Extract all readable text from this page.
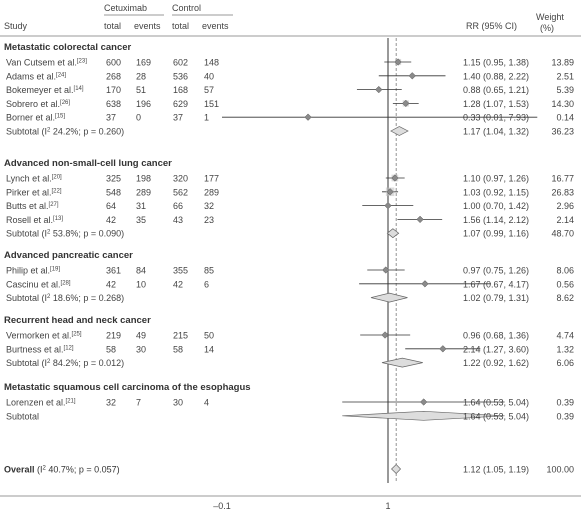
Cetuximab	Control
Study	total events total events	RR (95% CI)
Weight
(%)
–0.1	1
Metastatic colorectal cancer
Van Cutsem et al.[23] 600 169 602 148	1.15 (0.95, 1.38) 13.89
Adams et al.[24]	268 28	536 40	1.40 (0.88, 2.22)	2.51
Bokemeyer et al.[14] 170 51	168 57	0.88 (0.65, 1.21)	5.39
Sobrero et al.[26]	638 196 629 151	1.28 (1.07, 1.53) 14.30
Borner et al.[15]	37 0	37 1	0.33 (0.01, 7.93)	0.14
Subtotal ($I^2$ 24.2%; p = 0.260)	1.17 (1.04, 1.32) 36.23
Advanced non-small-cell lung cancer
Lynch et al.[20]	325 198 320 177	1.10 (0.97, 1.26) 16.77
Pirker et al.[22]	548 289 562 289	1.03 (0.92, 1.15) 26.83
Butts et al.[27]	64 31	66 32	1.00 (0.70, 1.42)	2.96
Rosell et al.[13]	42 35	43 23	1.56 (1.14, 2.12)	2.14
Subtotal ($I^2$ 53.8%; p = 0.090)	1.07 (0.99, 1.16) 48.70
Advanced pancreatic cancer
Philip et al.[19]	361 84	355 85	0.97 (0.75, 1.26)	8.06
Cascinu et al.[28]	42 10	42 6	1.67 (0.67, 4.17)	0.56
Subtotal ($I^2$ 18.6%; p = 0.268)	1.02 (0.79, 1.31)	8.62
Recurrent head and neck cancer
Vermorken et al.[25]	219 49	215 50	0.96 (0.68, 1.36)	4.74
Burtness et al.[12]	58 30	58 14	2.14 (1.27, 3.60)	1.32
Subtotal ($I^2$ 84.2%; p = 0.012)	1.22 (0.92, 1.62)	6.06
Metastatic squamous cell carcinoma of the esophagus
Lorenzen et al.[21]	32 7	30 4	1.64 (0.53, 5.04)	0.39
Subtotal	1.64 (0.53, 5.04)	0.39
Overall ($I^2$ 40.7%; p = 0.057)	1.12 (1.05, 1.19) 100.00
